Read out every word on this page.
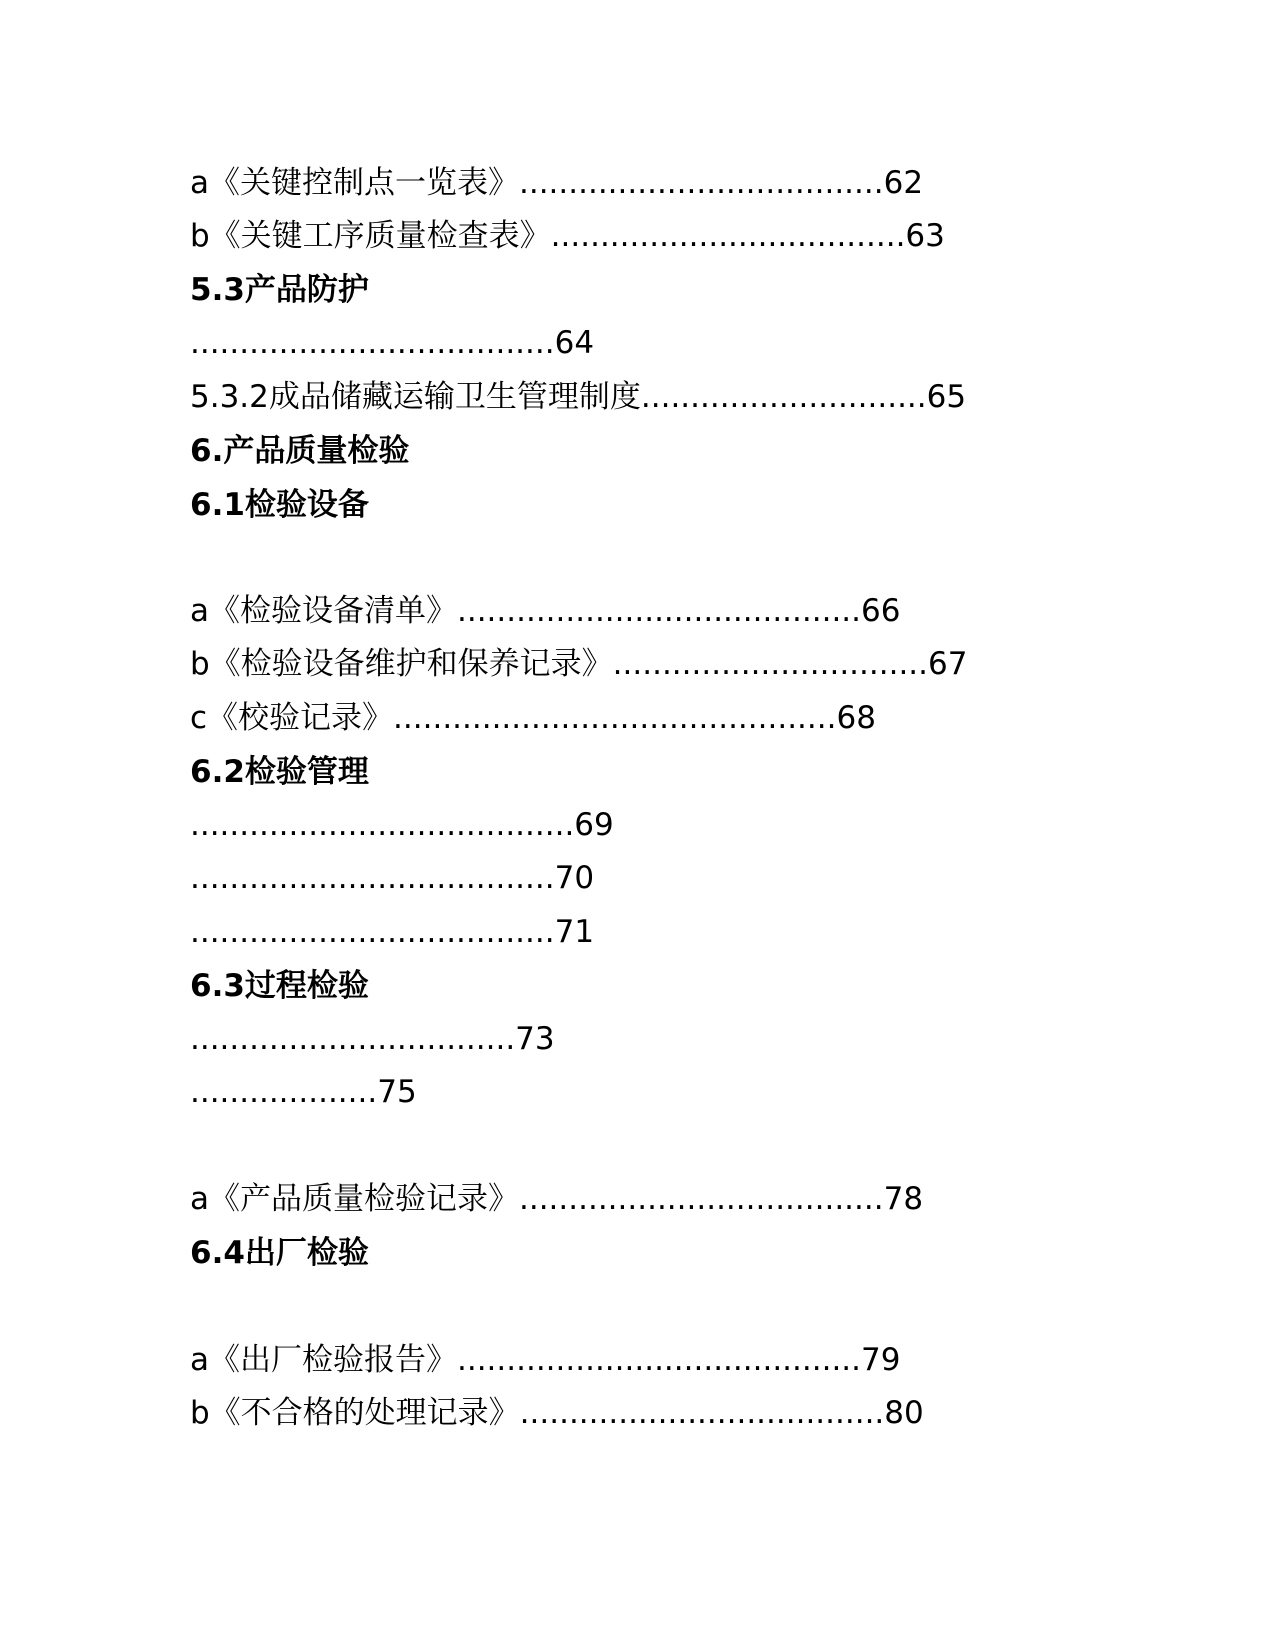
a《关键控制点一览表》.....................................62
b《关键工序质量检查表》....................................63
5.3产品防护
.....................................64
5.3.2成品储藏运输卫生管理制度.............................65
6.产品质量检验
6.1检验设备
a《检验设备清单》.........................................66
b《检验设备维护和保养记录》................................67
c《校验记录》.............................................68
6.2检验管理
.......................................69
.....................................70
.....................................71
6.3过程检验
.................................73
...................75
a《产品质量检验记录》.....................................78
6.4出厂检验
a《出厂检验报告》.........................................79
b《不合格的处理记录》.....................................80
